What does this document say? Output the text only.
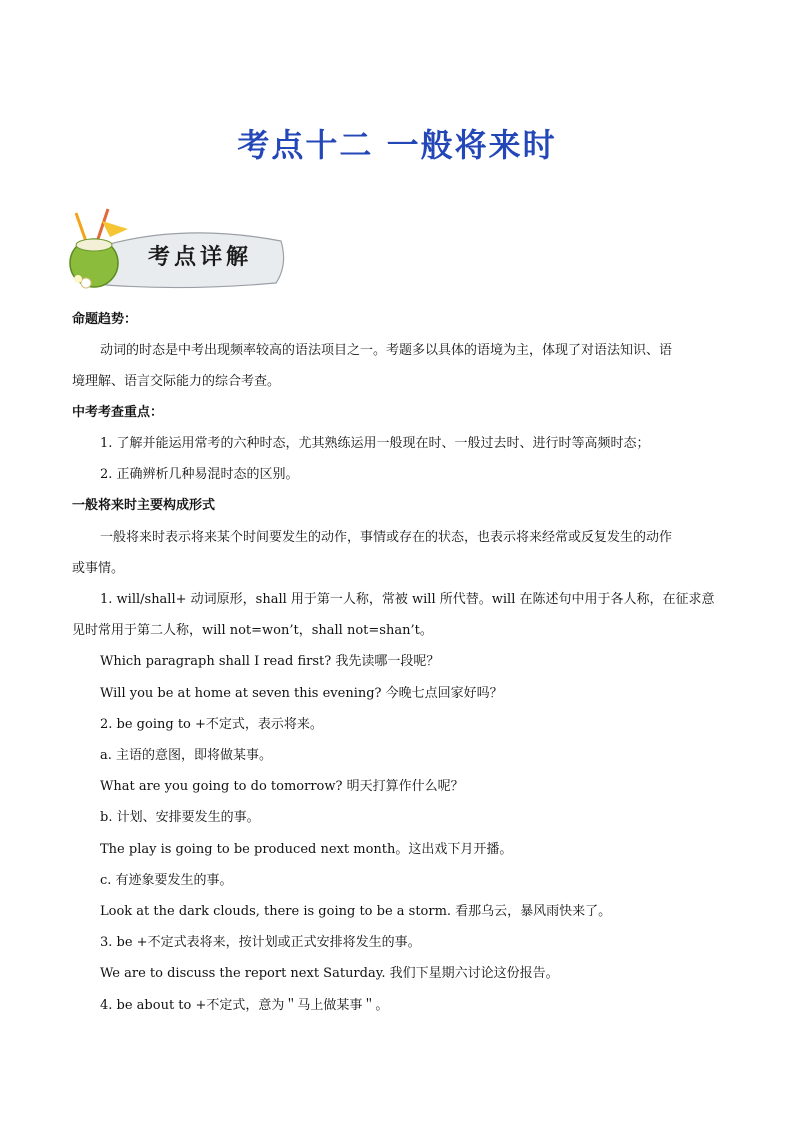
考点十二 一般将来时
考点详解
命题趋势：
动词的时态是中考出现频率较高的语法项目之一。考题多以具体的语境为主，体现了对语法知识、语
境理解、语言交际能力的综合考查。
中考考查重点：
1. 了解并能运用常考的六种时态，尤其熟练运用一般现在时、一般过去时、进行时等高频时态；
2. 正确辨析几种易混时态的区别。
一般将来时主要构成形式
一般将来时表示将来某个时间要发生的动作，事情或存在的状态，也表示将来经常或反复发生的动作
或事情。
1. will/shall+ 动词原形，shall 用于第一人称，常被 will 所代替。will 在陈述句中用于各人称，在征求意
见时常用于第二人称，will not=won’t，shall not=shan’t。
Which paragraph shall I read first? 我先读哪一段呢？
Will you be at home at seven this evening? 今晚七点回家好吗？
2. be going to +不定式，表示将来。
a. 主语的意图，即将做某事。
What are you going to do tomorrow? 明天打算作什么呢？
b. 计划、安排要发生的事。
The play is going to be produced next month。这出戏下月开播。
c. 有迹象要发生的事。
Look at the dark clouds, there is going to be a storm. 看那乌云，暴风雨快来了。
3. be +不定式表将来，按计划或正式安排将发生的事。
We are to discuss the report next Saturday. 我们下星期六讨论这份报告。
4. be about to +不定式，意为＂马上做某事＂。
